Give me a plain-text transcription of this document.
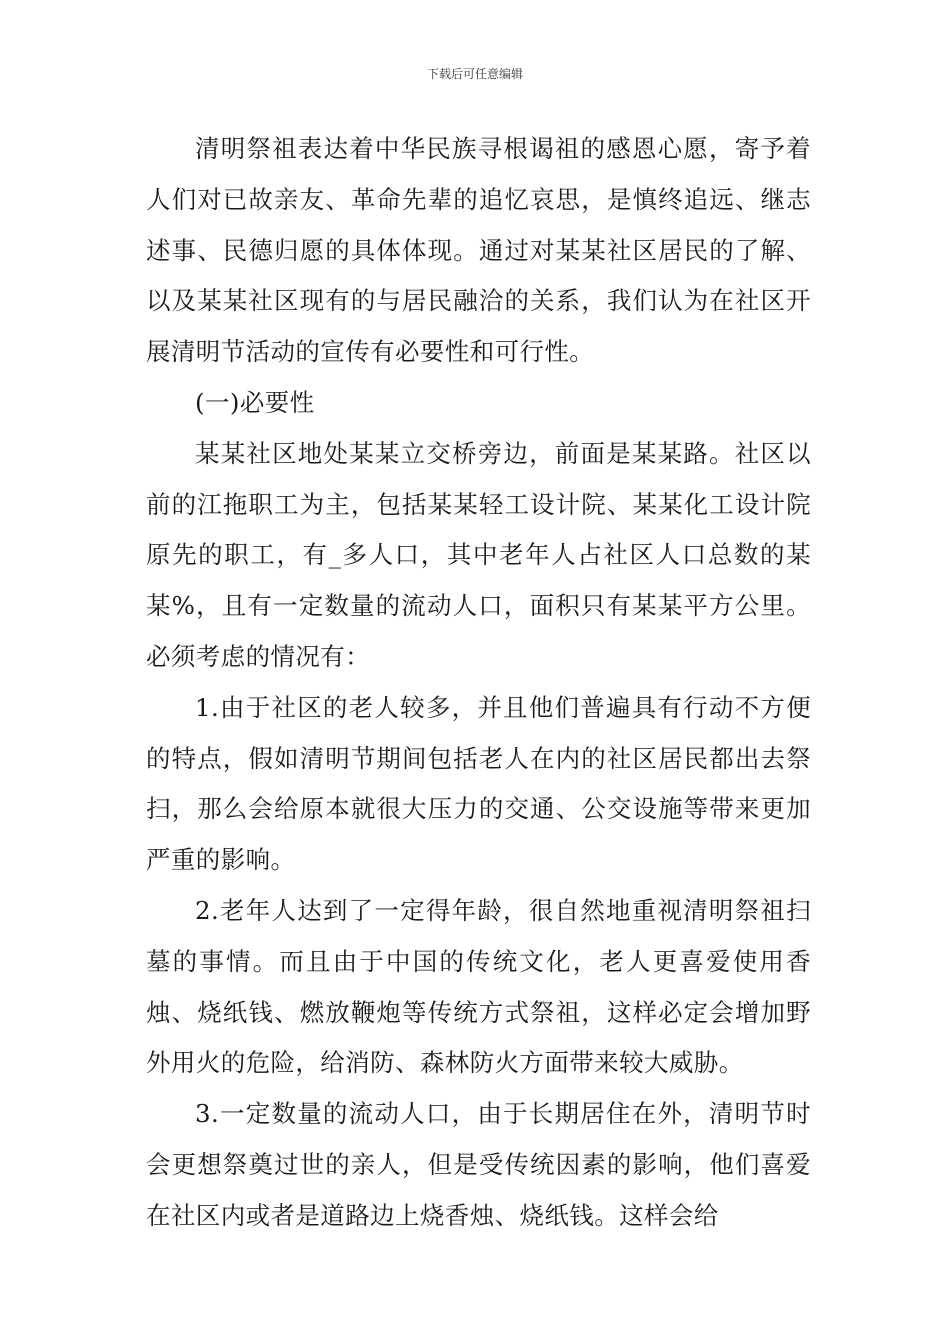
下载后可任意编辑

清明祭祖表达着中华民族寻根谒祖的感恩心愿，寄予着人们对已故亲友、革命先辈的追忆哀思，是慎终追远、继志述事、民德归愿的具体体现。通过对某某社区居民的了解、以及某某社区现有的与居民融洽的关系，我们认为在社区开展清明节活动的宣传有必要性和可行性。

(一)必要性

某某社区地处某某立交桥旁边，前面是某某路。社区以前的江拖职工为主，包括某某轻工设计院、某某化工设计院原先的职工，有_多人口，其中老年人占社区人口总数的某某%，且有一定数量的流动人口，面积只有某某平方公里。必须考虑的情况有：

1.由于社区的老人较多，并且他们普遍具有行动不方便的特点，假如清明节期间包括老人在内的社区居民都出去祭扫，那么会给原本就很大压力的交通、公交设施等带来更加严重的影响。

2.老年人达到了一定得年龄，很自然地重视清明祭祖扫墓的事情。而且由于中国的传统文化，老人更喜爱使用香烛、烧纸钱、燃放鞭炮等传统方式祭祖，这样必定会增加野外用火的危险，给消防、森林防火方面带来较大威胁。

3.一定数量的流动人口，由于长期居住在外，清明节时会更想祭奠过世的亲人，但是受传统因素的影响，他们喜爱在社区内或者是道路边上烧香烛、烧纸钱。这样会给
